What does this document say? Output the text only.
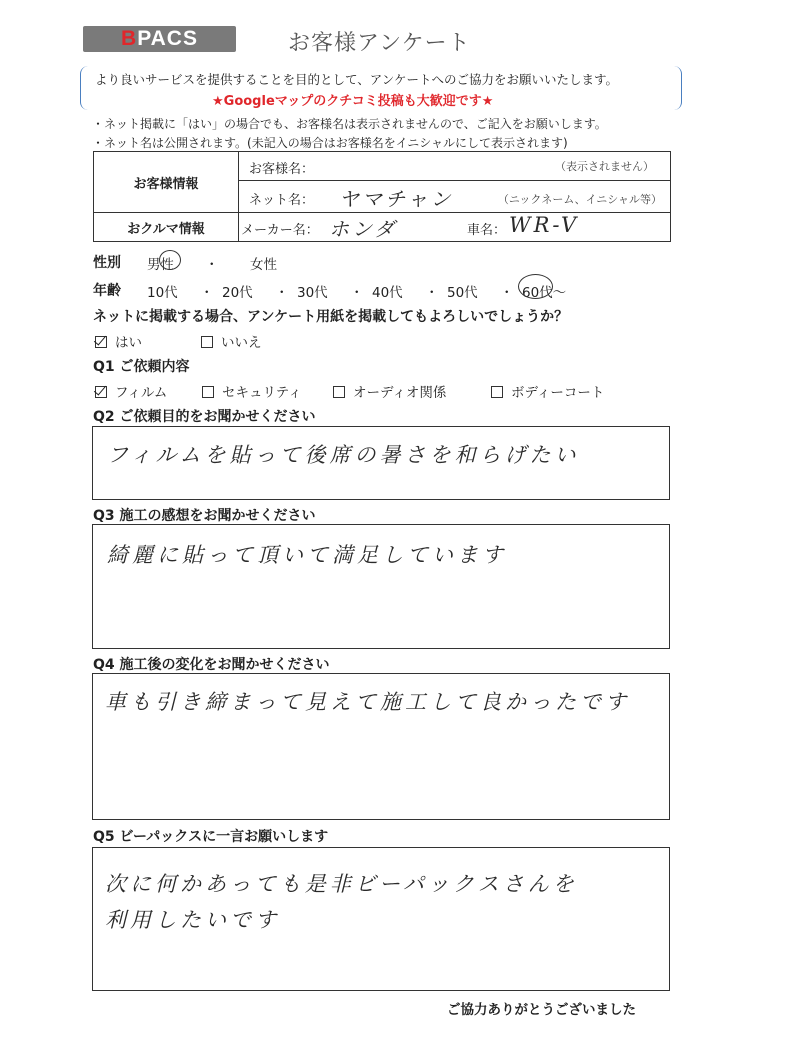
BPACS	お客様アンケート
より良いサービスを提供することを目的として、アンケートへのご協力をお願いいたします。
★Googleマップのクチコミ投稿も大歓迎です★
・ネット掲載に「はい」の場合でも、お客様名は表示されませんので、ご記入をお願いします。
・ネット名は公開されます。(未記入の場合はお客様名をイニシャルにして表示されます)
お客様情報	お客様名： （表示されません）

	ネット名： ヤマチャン （ニックネーム、イニシャル等）

おクルマ情報	メーカー名： ホンダ 車名： WR-V
性別 男性 ・ 女性
年齢 10代 ・ 20代 ・ 30代 ・ 40代 ・ 50代 ・ 60代～
ネットに掲載する場合、アンケート用紙を掲載してもよろしいでしょうか？
はい	いいえ
Q1 ご依頼内容
フィルム	セキュリティ	オーディオ関係	ボディーコート
Q2 ご依頼目的をお聞かせください
フィルムを貼って後席の暑さを和らげたい
Q3 施工の感想をお聞かせください
綺麗に貼って頂いて満足しています
Q4 施工後の変化をお聞かせください
車も引き締まって見えて施工して良かったです
Q5 ビーパックスに一言お願いします
次に何かあっても是非ビーパックスさんを
利用したいです
ご協力ありがとうございました
